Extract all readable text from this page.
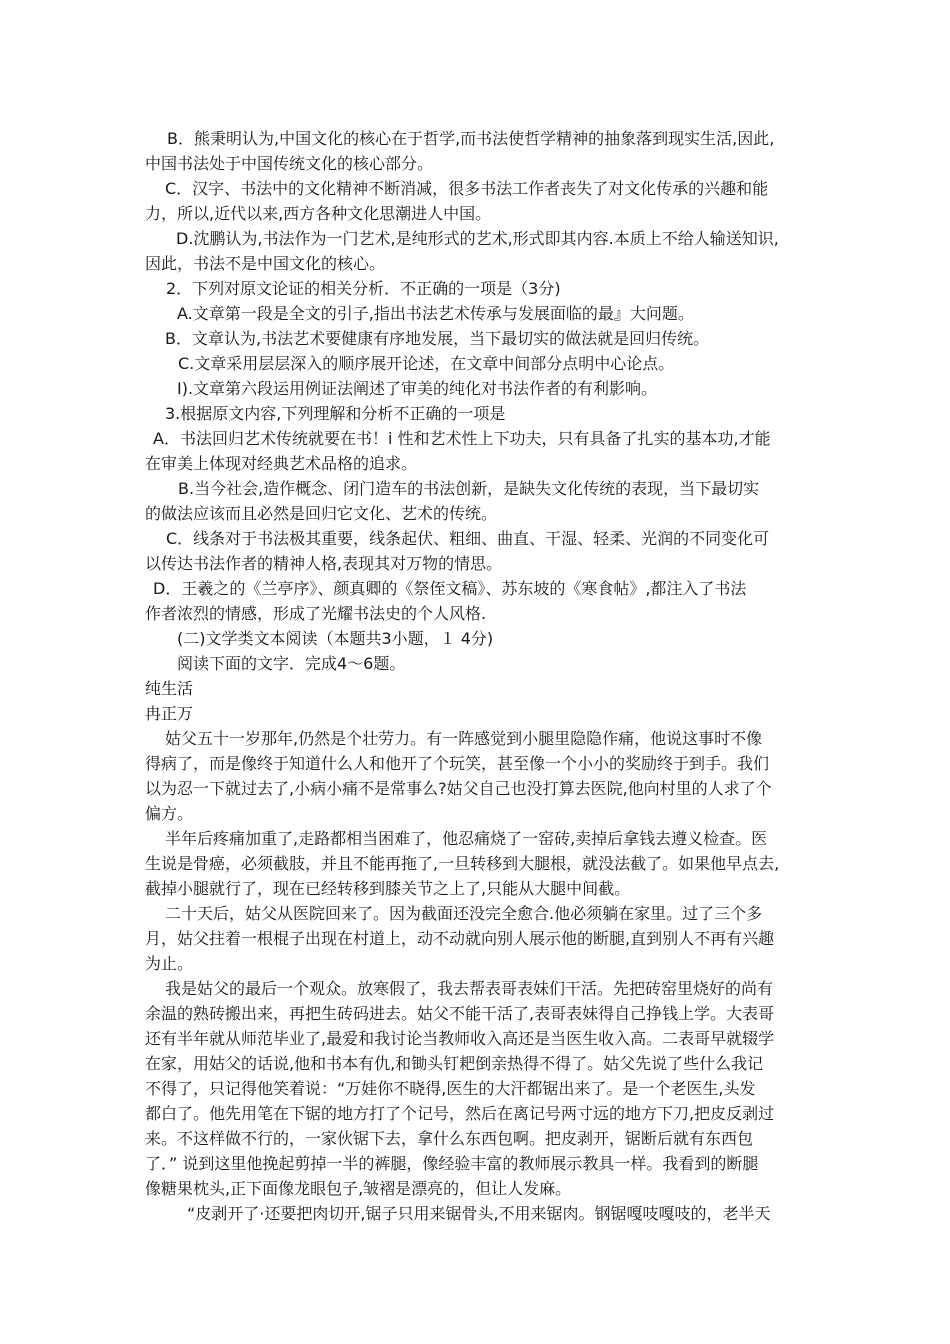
B．熊秉明认为,中国文化的核心在于哲学,而书法使哲学精神的抽象落到现实生活,因此,
中国书法处于中国传统文化的核心部分。
C．汉字、书法中的文化精神不断消减，很多书法工作者丧失了对文化传承的兴趣和能
力，所以,近代以来,西方各种文化思潮进人中国。
D.沈鹏认为,书法作为一门艺术,是纯形式的艺术,形式即其内容.本质上不给人输送知识,
因此，书法不是中国文化的核心。
2．下列对原文论证的相关分析．不正确的一项是（3分)
A.文章第一段是全文的引子,指出书法艺术传承与发展面临的最』大问题。
B．文章认为,书法艺术要健康有序地发展，当下最切实的做法就是回归传统。
C.文章采用层层深入的顺序展开论述，在文章中间部分点明中心论点。
I).文章第六段运用例证法阐述了审美的纯化对书法作者的有利影响。
3.根据原文内容,下列理解和分析不正确的一项是
A．书法回归艺术传统就要在书！i 性和艺术性上下功夫，只有具备了扎实的基本功,才能
在审美上体现对经典艺术品格的追求。
B.当今社会,造作概念、闭门造车的书法创新，是缺失文化传统的表现，当下最切实
的做法应该而且必然是回归它文化、艺术的传统。
C．线条对于书法极其重要，线条起伏、粗细、曲直、干湿、轻柔、光润的不同变化可
以传达书法作者的精神人格,表现其对万物的情思。
D．王羲之的《兰亭序》、颜真卿的《祭侄文稿》、苏东坡的《寒食帖》,都注入了书法
作者浓烈的情感，形成了光耀书法史的个人风格.
(二)文学类文本阅读（本题共3小题，１ 4分)
阅读下面的文字．完成4～6题。
纯生活
冉正万
姑父五十一岁那年,仍然是个壮劳力。有一阵感觉到小腿里隐隐作痛，他说这事时不像
得病了，而是像终于知道什么人和他开了个玩笑，甚至像一个小小的奖励终于到手。我们
以为忍一下就过去了,小病小痛不是常事么?姑父自己也没打算去医院,他向村里的人求了个
偏方。
半年后疼痛加重了,走路都相当困难了，他忍痛烧了一窑砖,卖掉后拿钱去遵义检查。医
生说是骨癌，必须截肢，并且不能再拖了,一旦转移到大腿根，就没法截了。如果他早点去,
截掉小腿就行了，现在已经转移到膝关节之上了,只能从大腿中间截。
二十天后，姑父从医院回来了。因为截面还没完全愈合.他必须躺在家里。过了三个多
月，姑父拄着一根棍子出现在村道上，动不动就向别人展示他的断腿,直到别人不再有兴趣
为止。
我是姑父的最后一个观众。放寒假了，我去帮表哥表妹们干活。先把砖窑里烧好的尚有
余温的熟砖搬出来，再把生砖码进去。姑父不能干活了,表哥表妹得自己挣钱上学。大表哥
还有半年就从师范毕业了,最爱和我讨论当教师收入高还是当医生收入高。二表哥早就辍学
在家，用姑父的话说,他和书本有仇,和锄头钉耙倒亲热得不得了。姑父先说了些什么我记
不得了，只记得他笑着说：“万娃你不晓得,医生的大汗都锯出来了。是一个老医生,头发
都白了。他先用笔在下锯的地方打了个记号，然后在离记号两寸远的地方下刀,把皮反剥过
来。不这样做不行的，一家伙锯下去，拿什么东西包啊。把皮剥开，锯断后就有东西包
了．” 说到这里他挽起剪掉一半的裤腿，像经验丰富的教师展示教具一样。我看到的断腿
像糖果枕头,正下面像龙眼包子,皱褶是漂亮的，但让人发麻。
“皮剥开了·还要把肉切开,锯子只用来锯骨头,不用来锯肉。钢锯嘎吱嘎吱的，老半天
